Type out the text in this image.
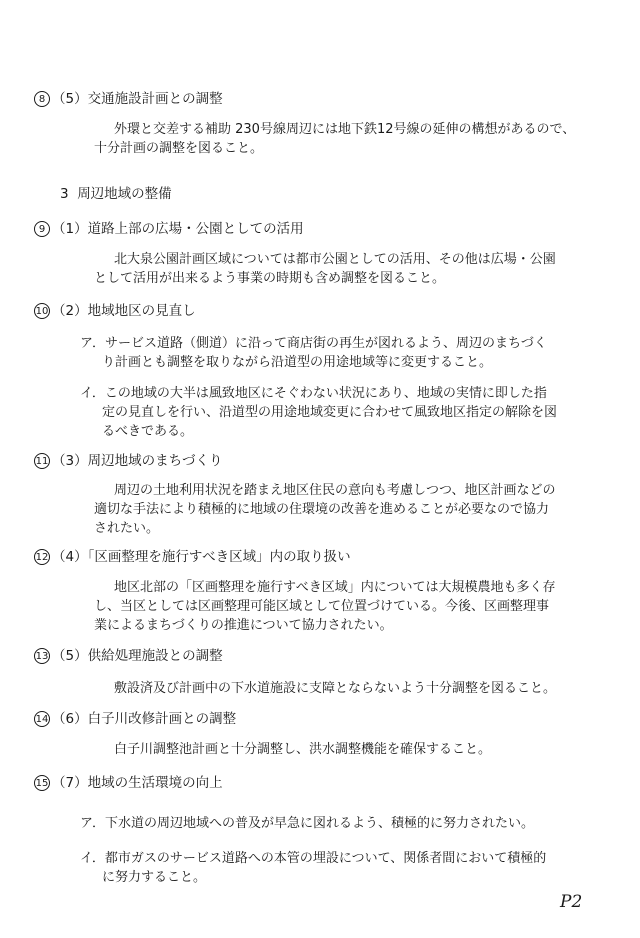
8 （5）交通施設計画との調整
外環と交差する補助 230号線周辺には地下鉄12号線の延伸の構想があるので、
十分計画の調整を図ること。
3 周辺地域の整備
9 （1）道路上部の広場・公園としての活用
北大泉公園計画区域については都市公園としての活用、その他は広場・公園
として活用が出来るよう事業の時期も含め調整を図ること。
10 （2）地域地区の見直し
ア．サービス道路（側道）に沿って商店街の再生が図れるよう、周辺のまちづく
り計画とも調整を取りながら沿道型の用途地域等に変更すること。
イ．この地域の大半は風致地区にそぐわない状況にあり、地域の実情に即した指
定の見直しを行い、沿道型の用途地域変更に合わせて風致地区指定の解除を図
るべきである。
11 （3）周辺地域のまちづくり
周辺の土地利用状況を踏まえ地区住民の意向も考慮しつつ、地区計画などの
適切な手法により積極的に地域の住環境の改善を進めることが必要なので協力
されたい。
12 （4）「区画整理を施行すべき区域」内の取り扱い
地区北部の「区画整理を施行すべき区域」内については大規模農地も多く存
し、当区としては区画整理可能区域として位置づけている。今後、区画整理事
業によるまちづくりの推進について協力されたい。
13 （5）供給処理施設との調整
敷設済及び計画中の下水道施設に支障とならないよう十分調整を図ること。
14 （6）白子川改修計画との調整
白子川調整池計画と十分調整し、洪水調整機能を確保すること。
15 （7）地域の生活環境の向上
ア．下水道の周辺地域への普及が早急に図れるよう、積極的に努力されたい。
イ．都市ガスのサービス道路への本管の埋設について、関係者間において積極的
に努力すること。
P2
